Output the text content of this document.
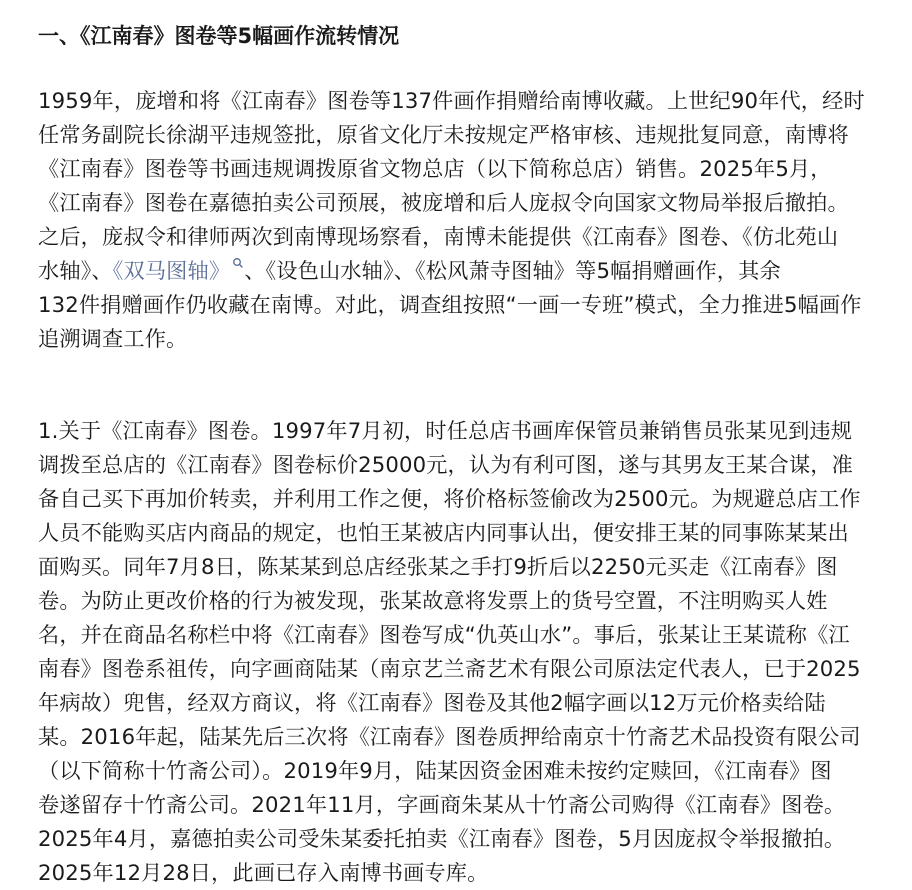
一、《江南春》图卷等5幅画作流转情况
1959年，庞增和将《江南春》图卷等137件画作捐赠给南博收藏。上世纪90年代，经时
任常务副院长徐湖平违规签批，原省文化厅未按规定严格审核、违规批复同意，南博将
《江南春》图卷等书画违规调拨原省文物总店（以下简称总店）销售。2025年5月，
《江南春》图卷在嘉德拍卖公司预展，被庞增和后人庞叔令向国家文物局举报后撤拍。
之后，庞叔令和律师两次到南博现场察看，南博未能提供《江南春》图卷、《仿北苑山
水轴》、《双马图轴》 、《设色山水轴》、《松风萧寺图轴》等5幅捐赠画作，其余
132件捐赠画作仍收藏在南博。对此，调查组按照“一画一专班”模式，全力推进5幅画作
追溯调查工作。
1.关于《江南春》图卷。1997年7月初，时任总店书画库保管员兼销售员张某见到违规
调拨至总店的《江南春》图卷标价25000元，认为有利可图，遂与其男友王某合谋，准
备自己买下再加价转卖，并利用工作之便，将价格标签偷改为2500元。为规避总店工作
人员不能购买店内商品的规定，也怕王某被店内同事认出，便安排王某的同事陈某某出
面购买。同年7月8日，陈某某到总店经张某之手打9折后以2250元买走《江南春》图
卷。为防止更改价格的行为被发现，张某故意将发票上的货号空置，不注明购买人姓
名，并在商品名称栏中将《江南春》图卷写成“仇英山水”。事后，张某让王某谎称《江
南春》图卷系祖传，向字画商陆某（南京艺兰斋艺术有限公司原法定代表人，已于2025
年病故）兜售，经双方商议，将《江南春》图卷及其他2幅字画以12万元价格卖给陆
某。2016年起，陆某先后三次将《江南春》图卷质押给南京十竹斋艺术品投资有限公司
（以下简称十竹斋公司）。2019年9月，陆某因资金困难未按约定赎回，《江南春》图
卷遂留存十竹斋公司。2021年11月，字画商朱某从十竹斋公司购得《江南春》图卷。
2025年4月，嘉德拍卖公司受朱某委托拍卖《江南春》图卷，5月因庞叔令举报撤拍。
2025年12月28日，此画已存入南博书画专库。
